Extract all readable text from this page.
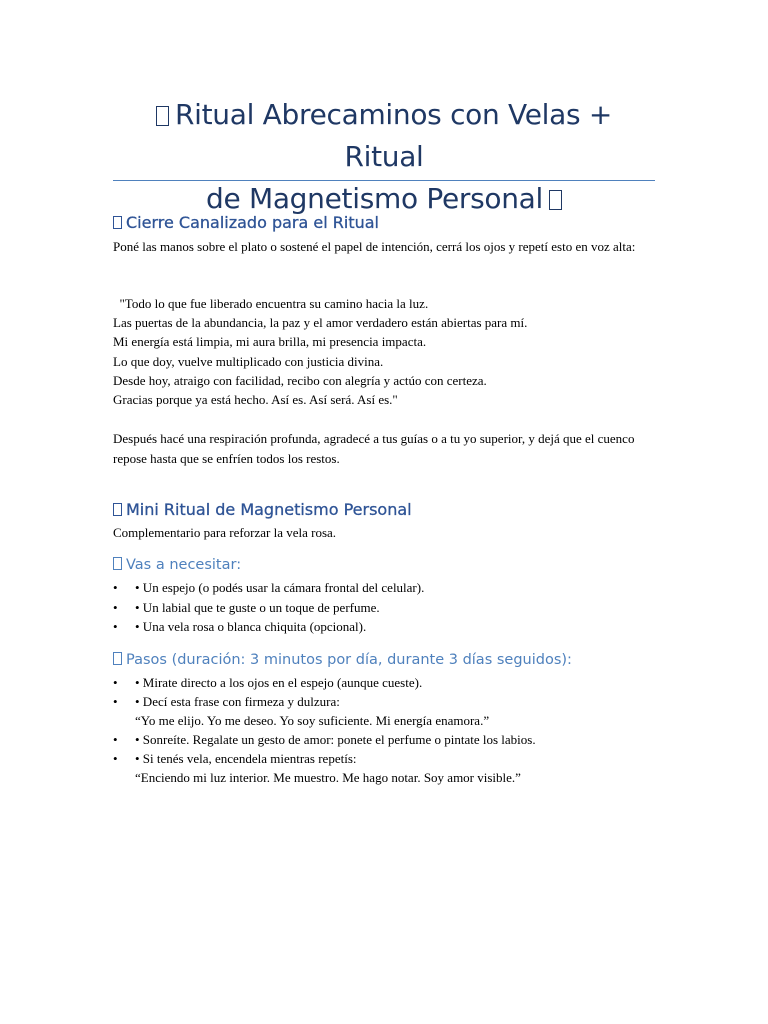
Ritual Abrecaminos con Velas + Ritual
de Magnetismo Personal
Cierre Canalizado para el Ritual
Poné las manos sobre el plato o sostené el papel de intención, cerrá los ojos y repetí esto en voz alta:
"Todo lo que fue liberado encuentra su camino hacia la luz.
Las puertas de la abundancia, la paz y el amor verdadero están abiertas para mí.
Mi energía está limpia, mi aura brilla, mi presencia impacta.
Lo que doy, vuelve multiplicado con justicia divina.
Desde hoy, atraigo con facilidad, recibo con alegría y actúo con certeza.
Gracias porque ya está hecho. Así es. Así será. Así es."
Después hacé una respiración profunda, agradecé a tus guías o a tu yo superior, y dejá que el cuenco repose hasta que se enfríen todos los restos.
Mini Ritual de Magnetismo Personal
Complementario para reforzar la vela rosa.
Vas a necesitar:
• • Un espejo (o podés usar la cámara frontal del celular).
• • Un labial que te guste o un toque de perfume.
• • Una vela rosa o blanca chiquita (opcional).
Pasos (duración: 3 minutos por día, durante 3 días seguidos):
• • Mirate directo a los ojos en el espejo (aunque cueste).
• • Decí esta frase con firmeza y dulzura:
“Yo me elijo. Yo me deseo. Yo soy suficiente. Mi energía enamora.”
• • Sonreíte. Regalate un gesto de amor: ponete el perfume o pintate los labios.
• • Si tenés vela, encendela mientras repetís:
“Enciendo mi luz interior. Me muestro. Me hago notar. Soy amor visible.”
